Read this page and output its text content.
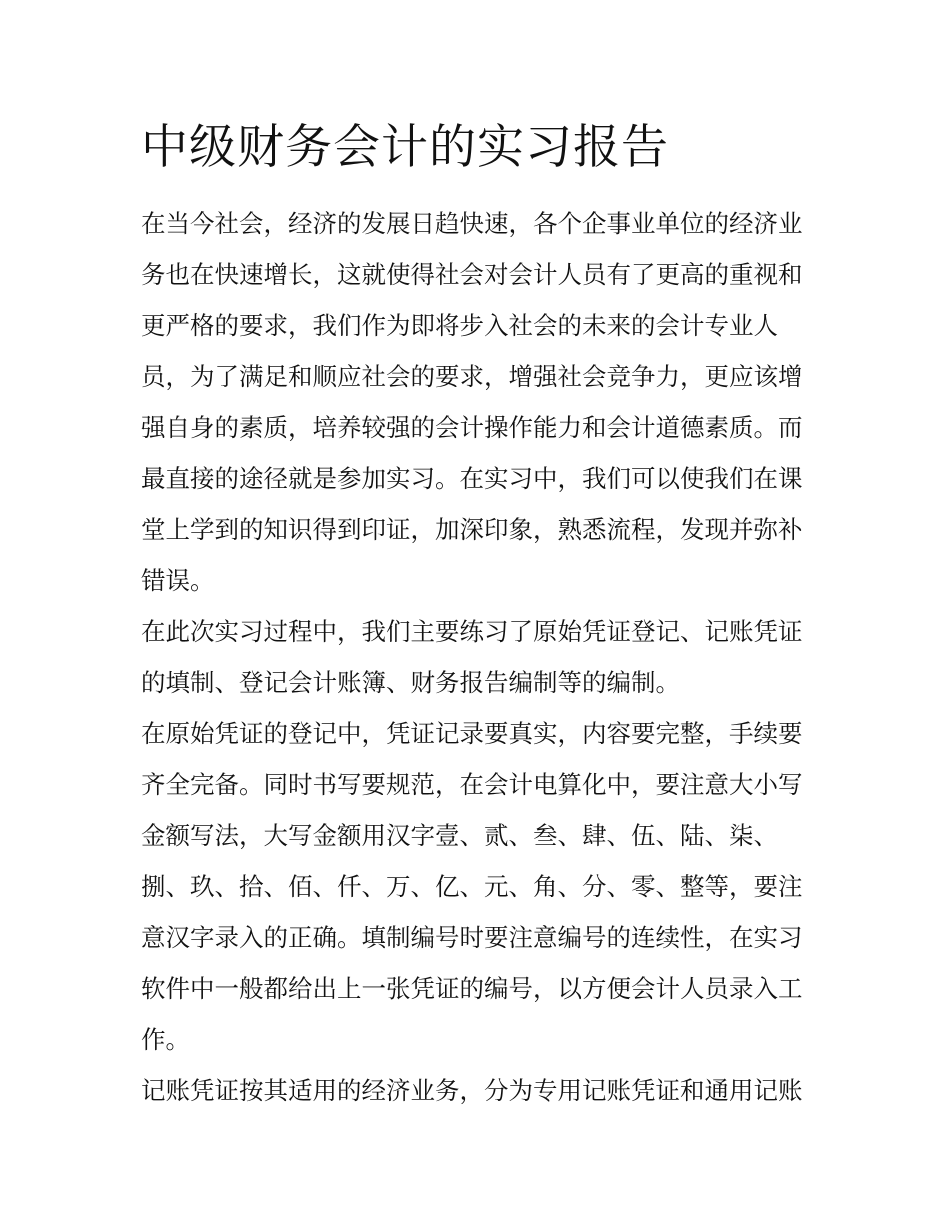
中级财务会计的实习报告

在当今社会，经济的发展日趋快速，各个企事业单位的经济业
务也在快速增长，这就使得社会对会计人员有了更高的重视和
更严格的要求，我们作为即将步入社会的未来的会计专业人
员，为了满足和顺应社会的要求，增强社会竞争力，更应该增
强自身的素质，培养较强的会计操作能力和会计道德素质。而
最直接的途径就是参加实习。在实习中，我们可以使我们在课
堂上学到的知识得到印证，加深印象，熟悉流程，发现并弥补
错误。

在此次实习过程中，我们主要练习了原始凭证登记、记账凭证
的填制、登记会计账簿、财务报告编制等的编制。

在原始凭证的登记中，凭证记录要真实，内容要完整，手续要
齐全完备。同时书写要规范，在会计电算化中，要注意大小写
金额写法，大写金额用汉字壹、贰、叁、肆、伍、陆、柒、
捌、玖、拾、佰、仟、万、亿、元、角、分、零、整等，要注
意汉字录入的正确。填制编号时要注意编号的连续性，在实习
软件中一般都给出上一张凭证的编号，以方便会计人员录入工
作。

记账凭证按其适用的经济业务，分为专用记账凭证和通用记账
